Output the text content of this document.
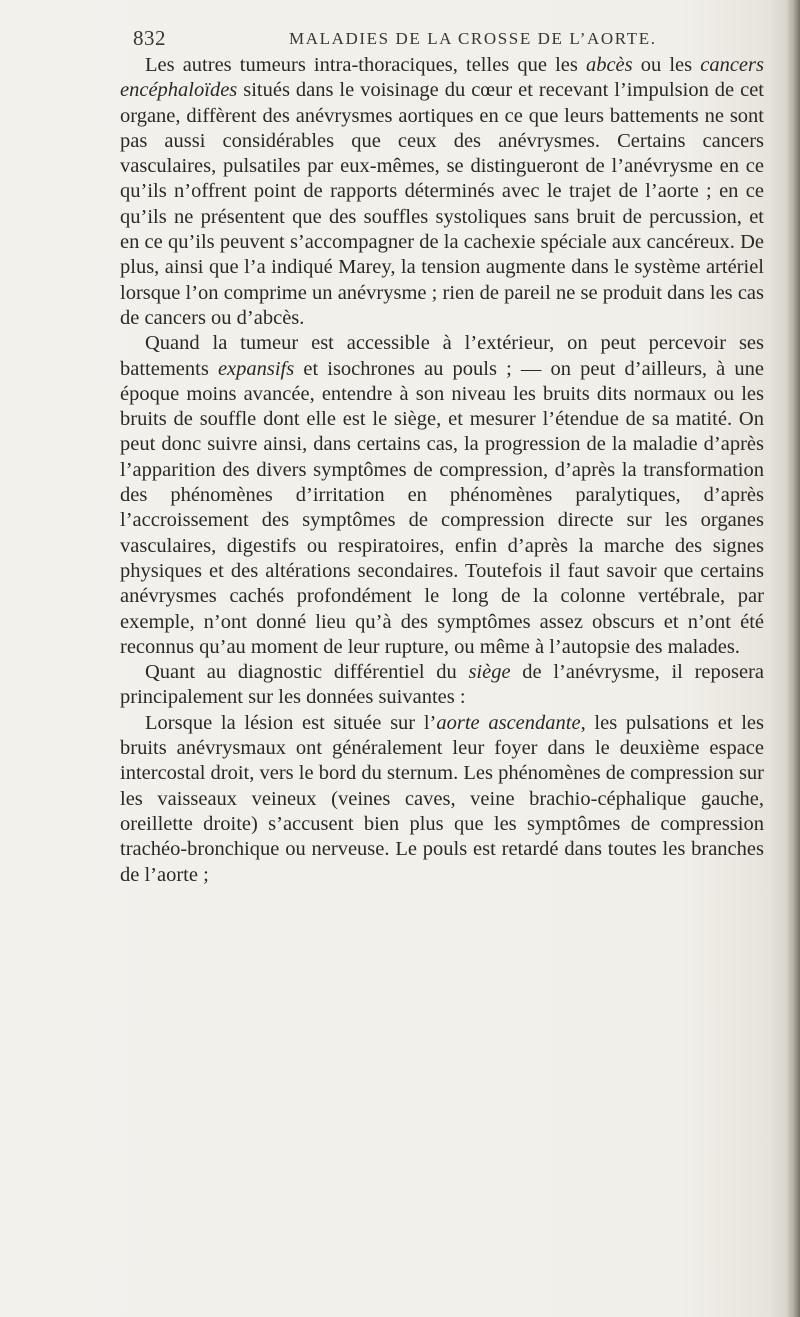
832	MALADIES DE LA CROSSE DE L’AORTE.

Les autres tumeurs intra-thoraciques, telles que les abcès ou les cancers encéphaloïdes situés dans le voisinage du cœur et recevant l’impulsion de cet organe, diffèrent des anévrysmes aortiques en ce que leurs battements ne sont pas aussi considérables que ceux des anévrysmes. Certains cancers vasculaires, pulsatiles par eux-mêmes, se distingueront de l’anévrysme en ce qu’ils n’offrent point de rapports déterminés avec le trajet de l’aorte ; en ce qu’ils ne présentent que des souffles systoliques sans bruit de percussion, et en ce qu’ils peuvent s’accompagner de la cachexie spéciale aux cancéreux. De plus, ainsi que l’a indiqué Marey, la tension augmente dans le système artériel lorsque l’on comprime un anévrysme ; rien de pareil ne se produit dans les cas de cancers ou d’abcès.

Quand la tumeur est accessible à l’extérieur, on peut percevoir ses battements expansifs et isochrones au pouls ; — on peut d’ailleurs, à une époque moins avancée, entendre à son niveau les bruits dits normaux ou les bruits de souffle dont elle est le siège, et mesurer l’étendue de sa matité. On peut donc suivre ainsi, dans certains cas, la progression de la maladie d’après l’apparition des divers symptômes de compression, d’après la transformation des phénomènes d’irritation en phénomènes paralytiques, d’après l’accroissement des symptômes de compression directe sur les organes vasculaires, digestifs ou respiratoires, enfin d’après la marche des signes physiques et des altérations secondaires. Toutefois il faut savoir que certains anévrysmes cachés profondément le long de la colonne vertébrale, par exemple, n’ont donné lieu qu’à des symptômes assez obscurs et n’ont été reconnus qu’au moment de leur rupture, ou même à l’autopsie des malades.

Quant au diagnostic différentiel du siège de l’anévrysme, il reposera principalement sur les données suivantes :

Lorsque la lésion est située sur l’aorte ascendante, les pulsations et les bruits anévrysmaux ont généralement leur foyer dans le deuxième espace intercostal droit, vers le bord du sternum. Les phénomènes de compression sur les vaisseaux veineux (veines caves, veine brachio-céphalique gauche, oreillette droite) s’accusent bien plus que les symptômes de compression trachéo-bronchique ou nerveuse. Le pouls est retardé dans toutes les branches de l’aorte ;
